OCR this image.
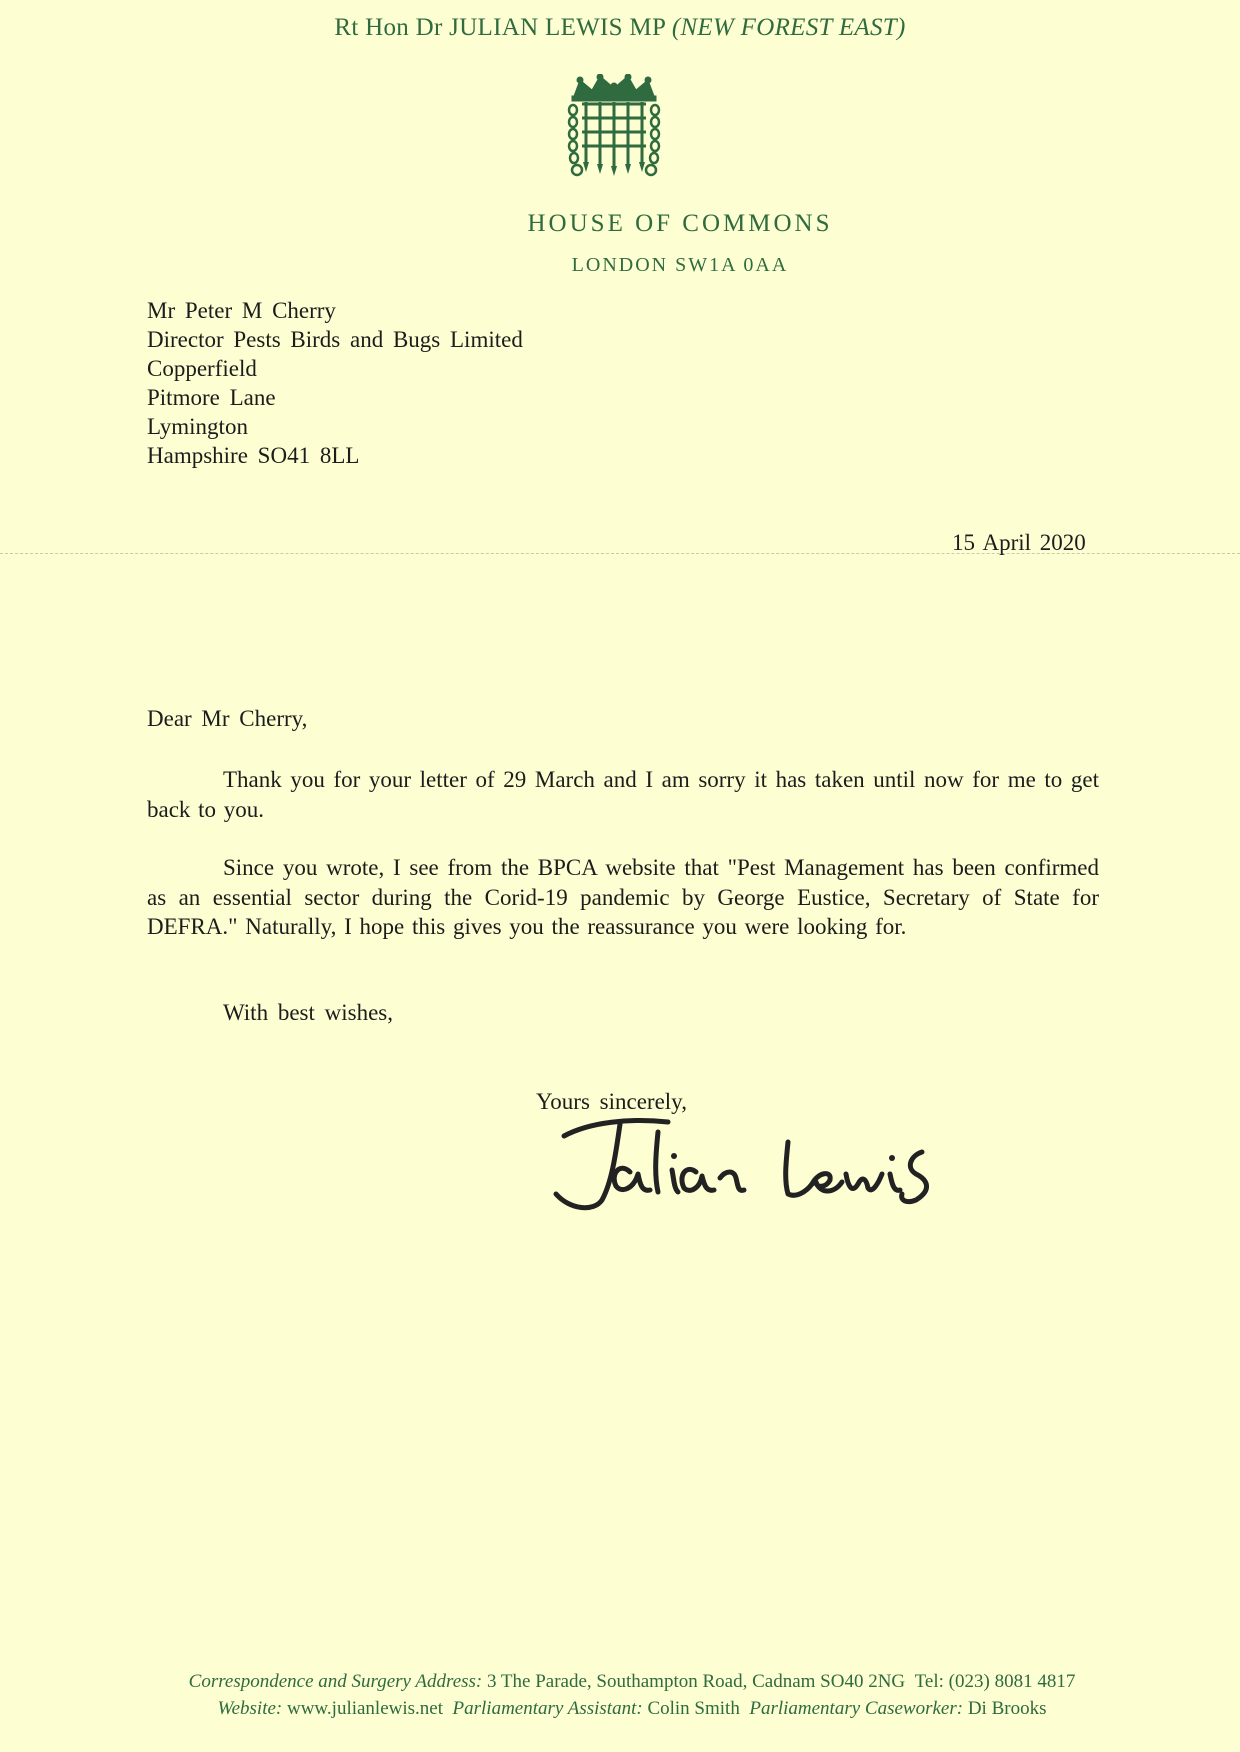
Rt Hon Dr JULIAN LEWIS MP (NEW FOREST EAST)
HOUSE OF COMMONS
LONDON SW1A 0AA
Mr Peter M Cherry
Director Pests Birds and Bugs Limited
Copperfield
Pitmore Lane
Lymington
Hampshire SO41 8LL
15 April 2020
Dear Mr Cherry,
Thank you for your letter of 29 March and I am sorry it has taken until now for me to get back to you.
Since you wrote, I see from the BPCA website that "Pest Management has been confirmed as an essential sector during the Corid-19 pandemic by George Eustice, Secretary of State for DEFRA." Naturally, I hope this gives you the reassurance you were looking for.
With best wishes,
Yours sincerely,
Correspondence and Surgery Address: 3 The Parade, Southampton Road, Cadnam SO40 2NG Tel: (023) 8081 4817
Website: www.julianlewis.net Parliamentary Assistant: Colin Smith Parliamentary Caseworker: Di Brooks
